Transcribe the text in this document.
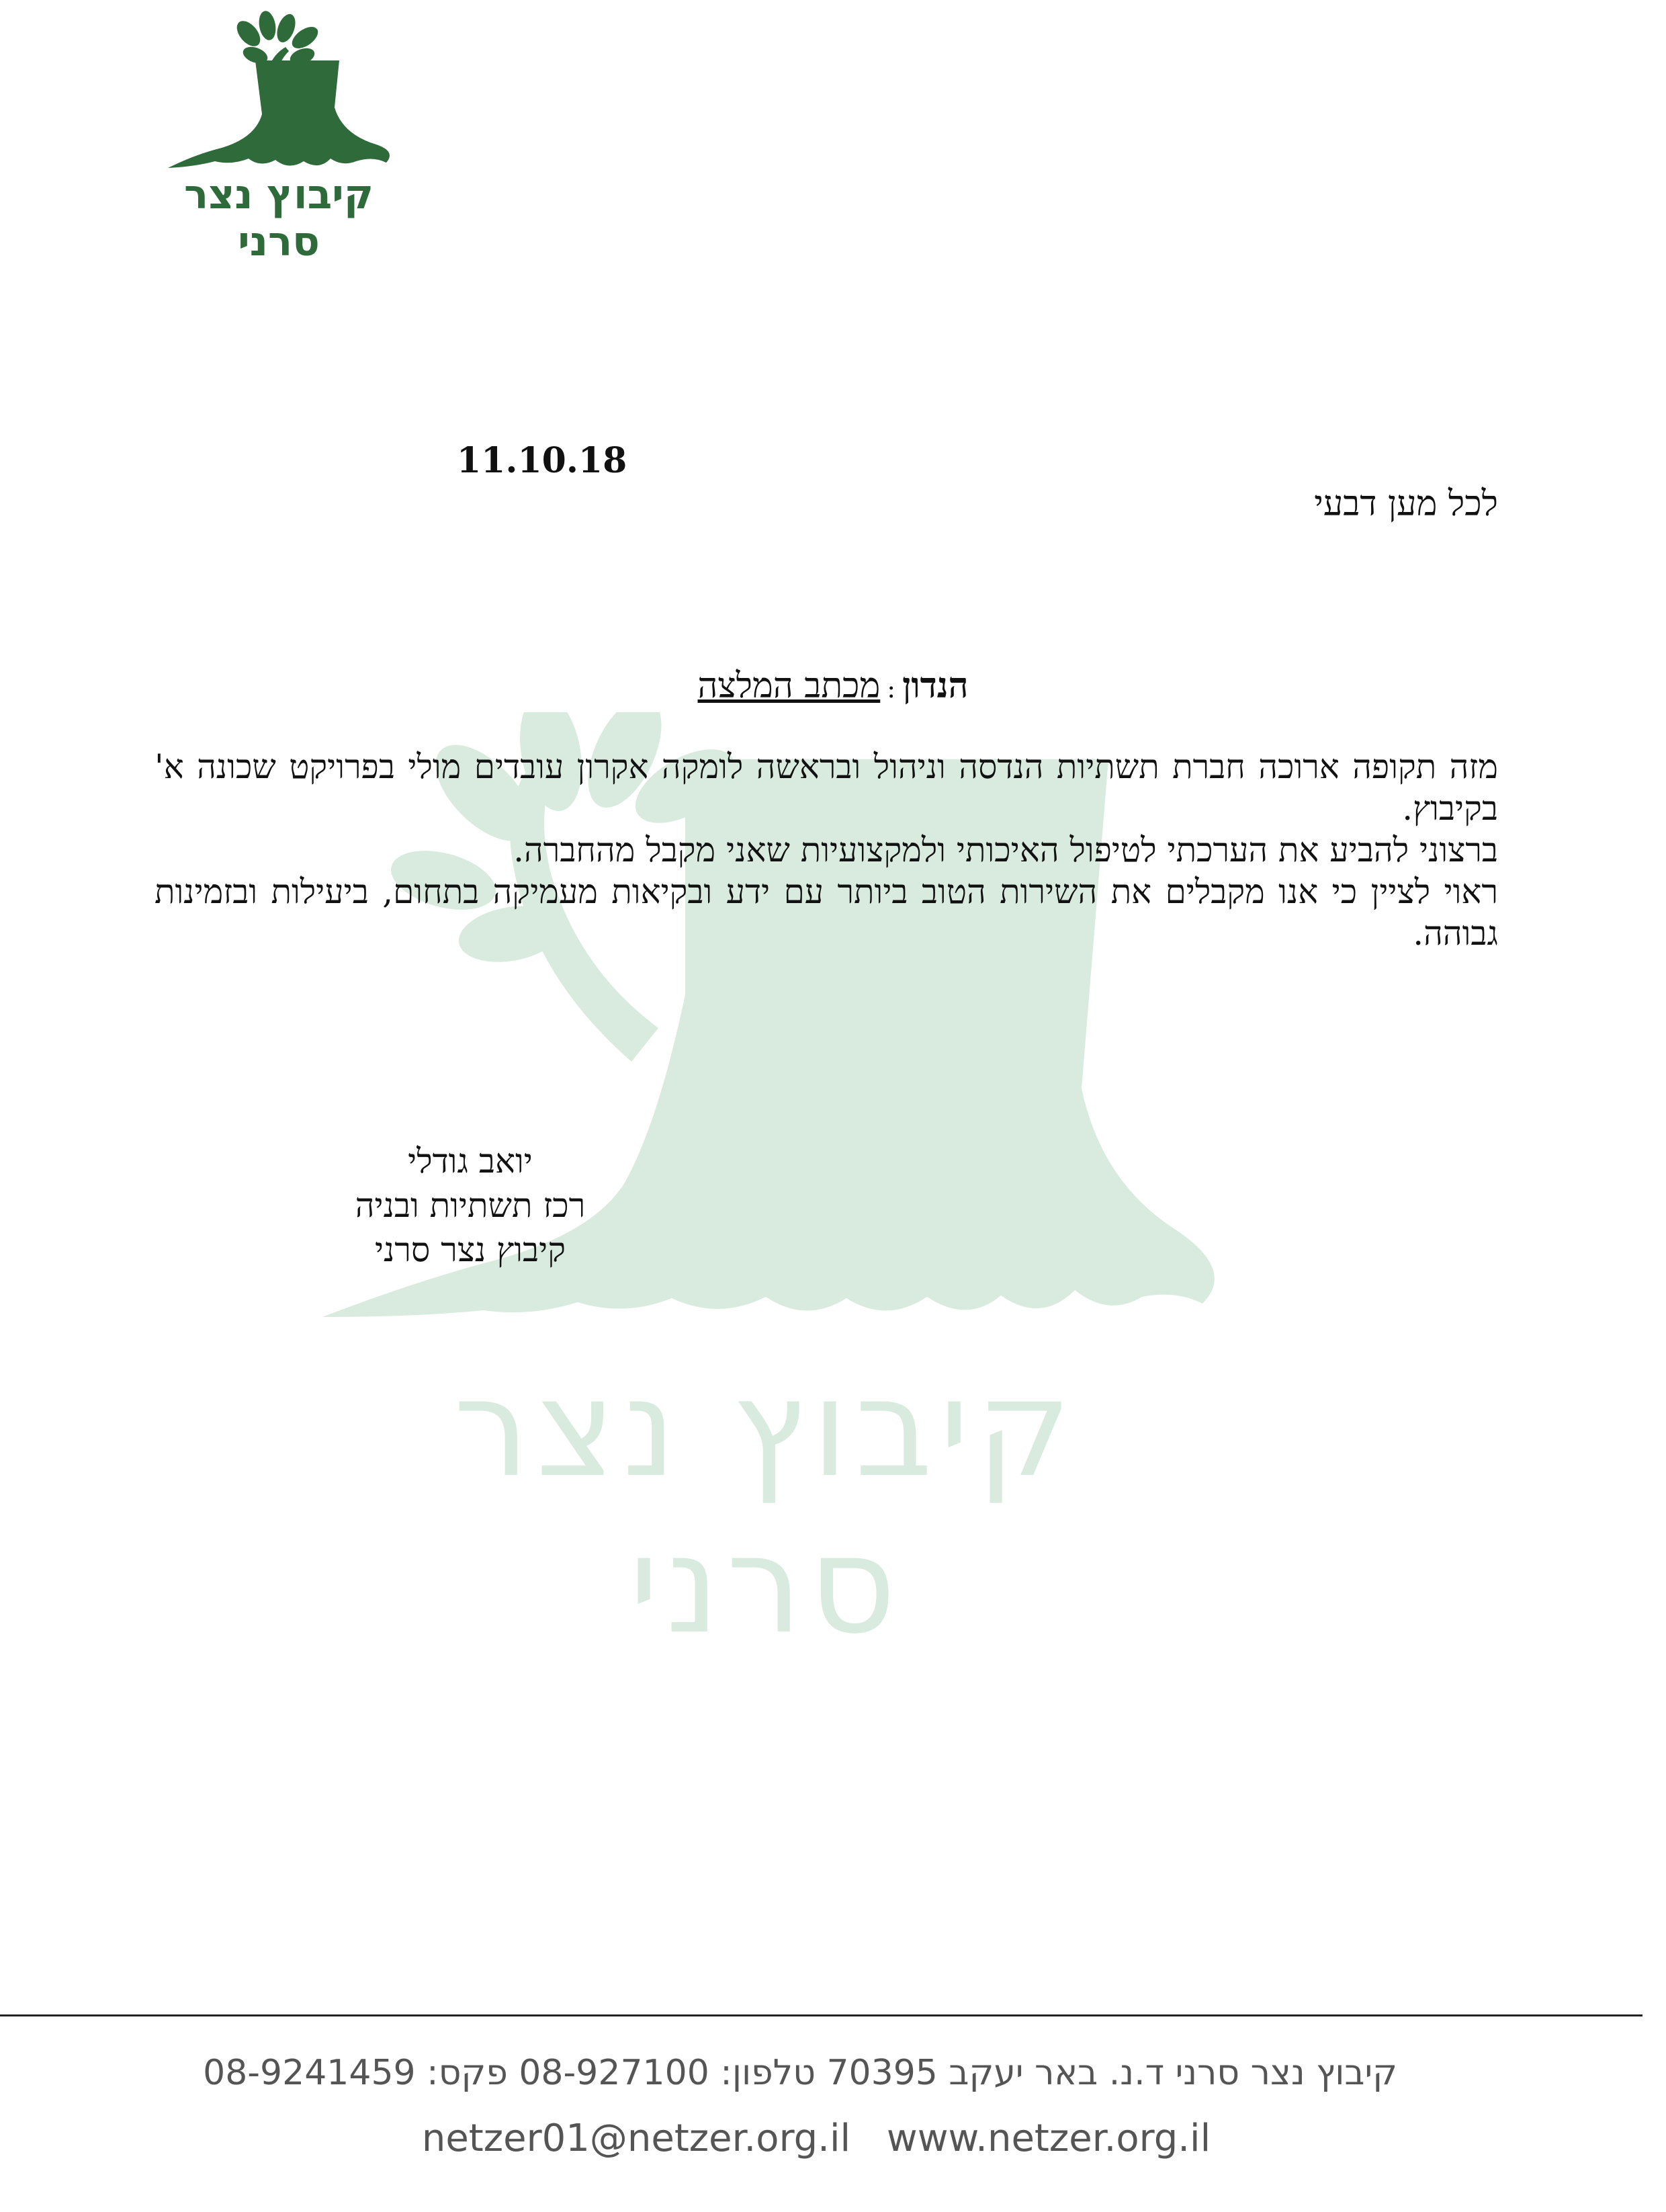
קיבוץ נצר סרני
קיבוץ נצר סרני
11.10.18
לכל מען דבעי
הנדון:מכתב המלצה

מזה תקופה ארוכה חברת תשתיות הנדסה וניהול ובראשה לומקה אקרון עובדים מולי בפרויקט שכונה א' בקיבוץ.

ברצוני להביע את הערכתי לטיפול האיכותי ולמקצועיות שאני מקבל מהחברה.

ראוי לציין כי אנו מקבלים את השירות הטוב ביותר עם ידע ובקיאות מעמיקה בתחום, ביעילות ובזמינות גבוהה.

יואב גודלי
רכז תשתיות ובניה
קיבוץ נצר סרני
קיבוץ נצר סרני ד.נ. באר יעקב 70395 טלפון: 08-927100 פקס: 08-9241459
netzer01@netzer.org.il www.netzer.org.il
